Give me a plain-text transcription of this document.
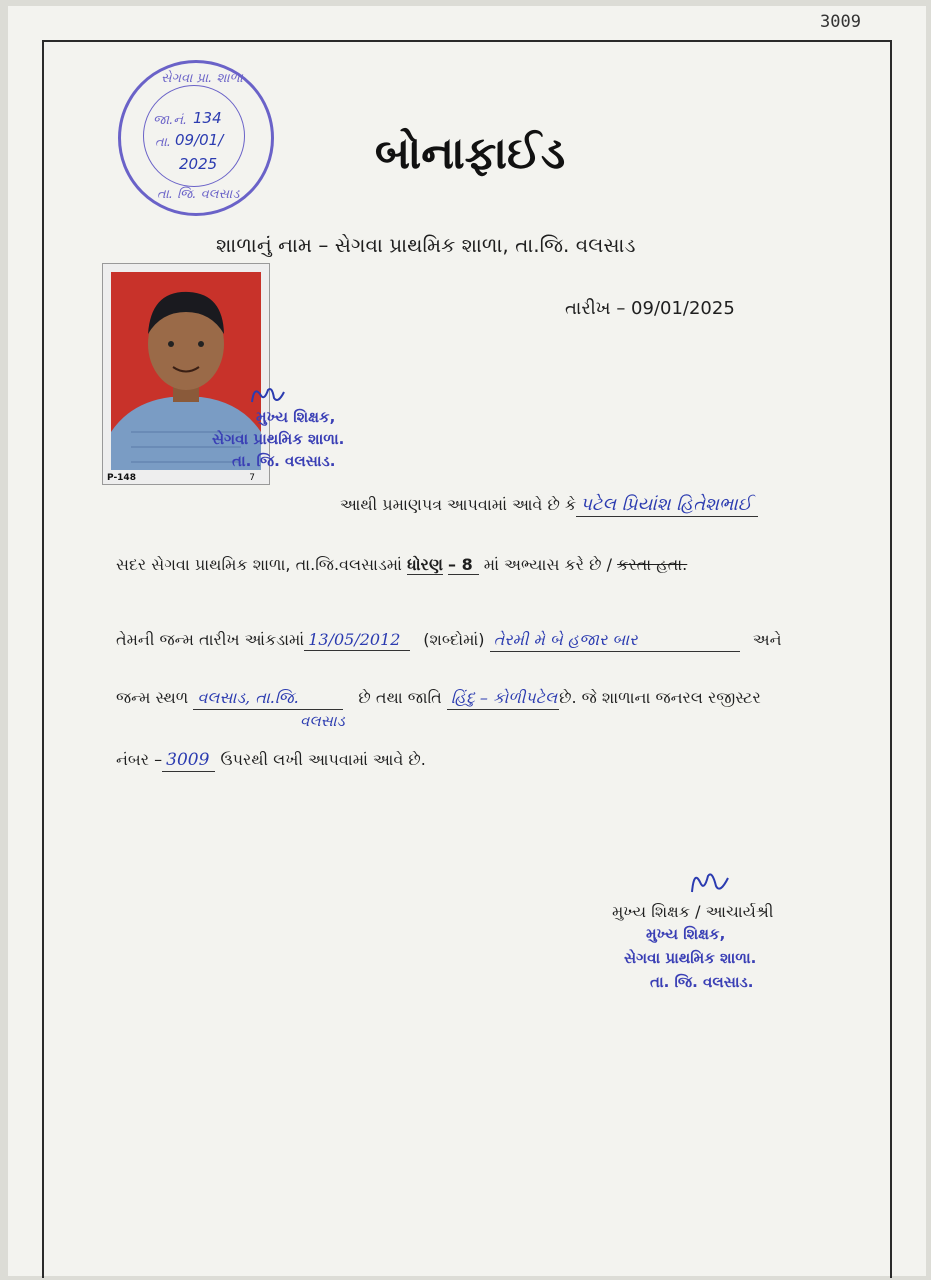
3009
સેગવા પ્રા. શાળા
જા.નં. 134
તા. 09/01/
2025
તા. જિ. વલસાડ
બોનાફાઈડ
શાળાનું નામ – સેગવા પ્રાથમિક શાળા, તા.જિ. વલસાડ
તારીખ – 09/01/2025
P-148	7
મુખ્ય શિક્ષક,
સેગવા પ્રાથમિક શાળા.
તા. જિ. વલસાડ.
આથી પ્રમાણપત્ર આપવામાં આવે છે કે પટેલ પ્રિયાંશ હિતેશભાઈ
સદર સેગવા પ્રાથમિક શાળા, તા.જિ.વલસાડમાં ધોરણ – 8 માં અભ્યાસ કરે છે / કરતા હતા.
તેમની જન્મ તારીખ આંકડામાં 13/05/2012 (શબ્દોમાં) તેરમી મે બે હજાર બાર	અને
જન્મ સ્થળ વલસાડ, તા.જિ.	છે તથા જાતિ હિંદુ – કોળીપટેલ છે. જે શાળાના જનરલ રજીસ્ટર
વલસાડ
નંબર – 3009 ઉપરથી લખી આપવામાં આવે છે.
મુખ્ય શિક્ષક / આચાર્યશ્રી
મુખ્ય શિક્ષક,
સેગવા પ્રાથમિક શાળા.
તા. જિ. વલસાડ.
